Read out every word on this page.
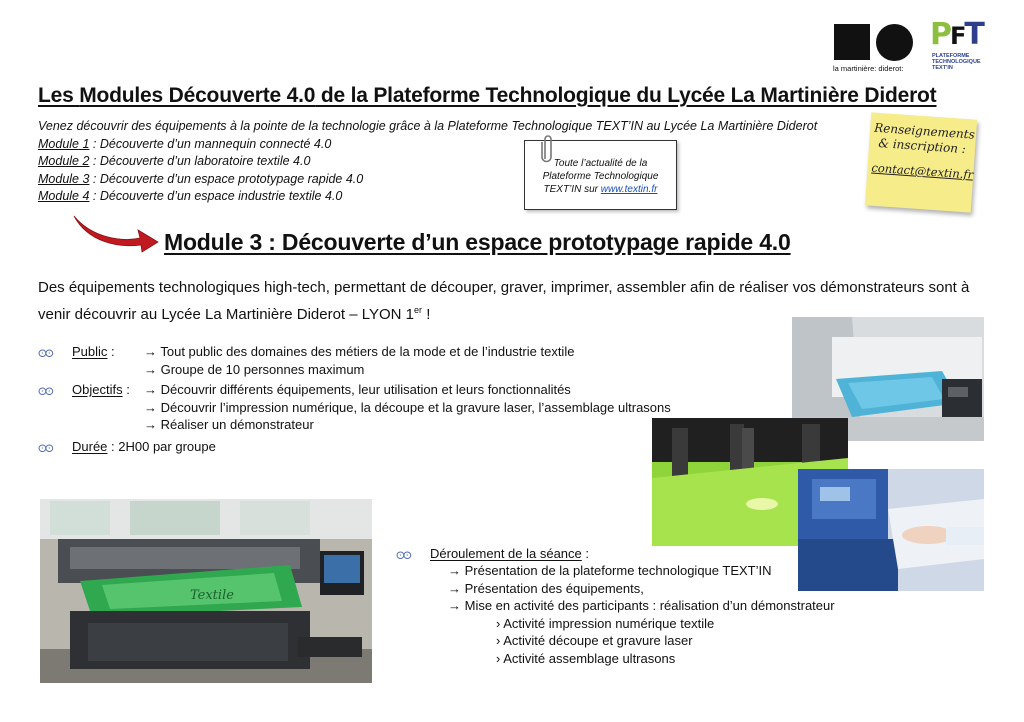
la martinière: diderot:
PFT
PLATEFORME
TECHNOLOGIQUE
TEXT'IN
Les Modules Découverte 4.0 de la Plateforme Technologique du Lycée La Martinière Diderot
Venez découvrir des équipements à la pointe de la technologie grâce à la Plateforme Technologique TEXT’IN au Lycée La Martinière Diderot
Module 1 : Découverte d’un mannequin connecté 4.0
Module 2 : Découverte d’un laboratoire textile 4.0
Module 3 : Découverte d’un espace prototypage rapide 4.0
Module 4 : Découverte d’un espace industrie textile 4.0
Toute l’actualité de la
Plateforme Technologique
TEXT’IN sur www.textin.fr
Renseignements
& inscription :
contact@textin.fr
Module 3 : Découverte d’un espace prototypage rapide 4.0

Des équipements technologiques high-tech, permettant de découper, graver, imprimer, assembler afin de réaliser vos démonstrateurs sont à venir découvrir au Lycée La Martinière Diderot – LYON 1er !

ⵙⵙ Public : → Tout public des domaines des métiers de la mode et de l’industrie textile
→ Groupe de 10 personnes maximum
ⵙⵙ Objectifs : → Découvrir différents équipements, leur utilisation et leurs fonctionnalités
→ Découvrir l’impression numérique, la découpe et la gravure laser, l’assemblage ultrasons
→ Réaliser un démonstrateur
ⵙⵙ Durée : 2H00 par groupe
Textile
ⵙⵙ Déroulement de la séance :
→ Présentation de la plateforme technologique TEXT’IN
→ Présentation des équipements,
→ Mise en activité des participants : réalisation d’un démonstrateur
› Activité impression numérique textile
› Activité découpe et gravure laser
› Activité assemblage ultrasons
